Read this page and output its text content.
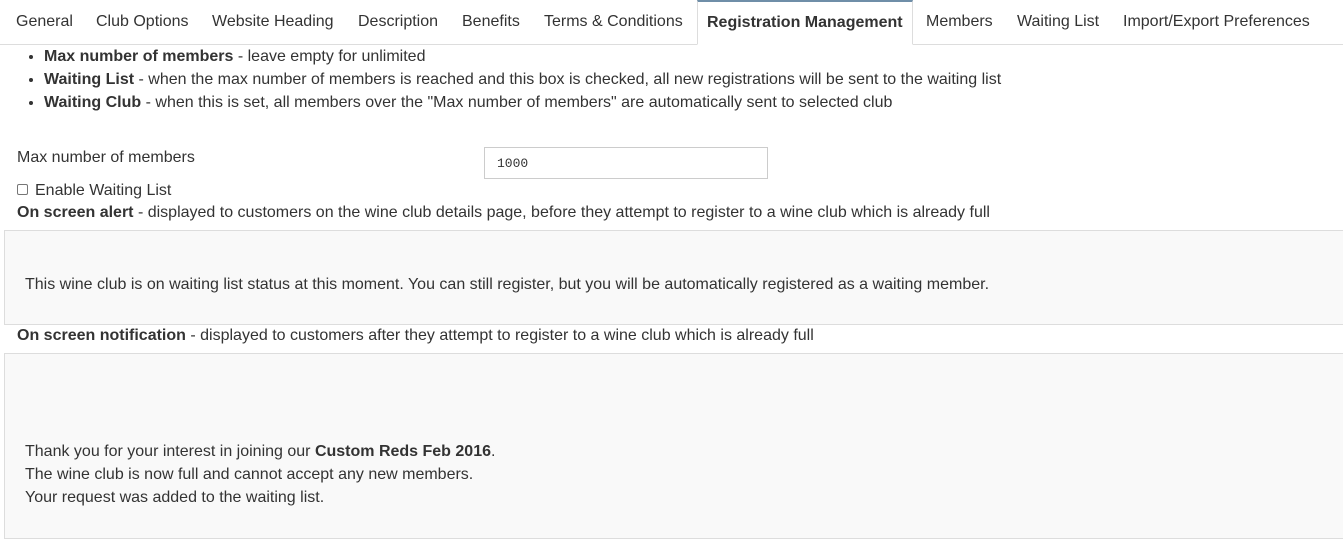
General Club Options Website Heading Description Benefits Terms & Conditions	Registration Management	Members Waiting List Import/Export Preferences
• Max number of members - leave empty for unlimited
• Waiting List - when the max number of members is reached and this box is checked, all new registrations will be sent to the waiting list
• Waiting Club - when this is set, all members over the "Max number of members" are automatically sent to selected club
Max number of members
1000
Enable Waiting List
On screen alert - displayed to customers on the wine club details page, before they attempt to register to a wine club which is already full
This wine club is on waiting list status at this moment. You can still register, but you will be automatically registered as a waiting member.
On screen notification - displayed to customers after they attempt to register to a wine club which is already full
Thank you for your interest in joining our Custom Reds Feb 2016.
The wine club is now full and cannot accept any new members.
Your request was added to the waiting list.
